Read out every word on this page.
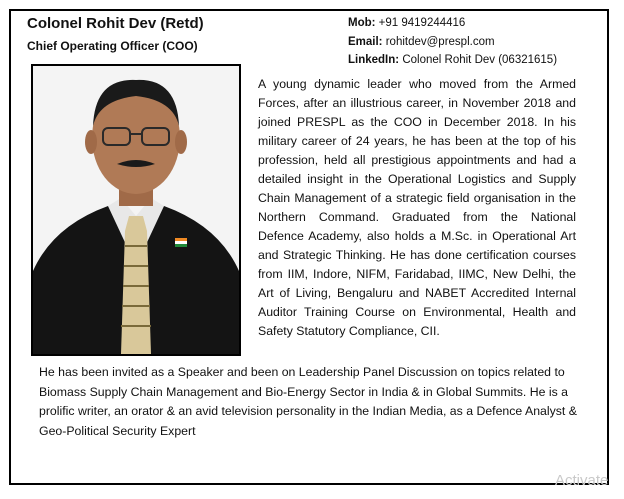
Colonel Rohit Dev (Retd)
Chief Operating Officer (COO)
Mob: +91 9419244416
Email: rohitdev@prespl.com
LinkedIn: Colonel Rohit Dev (06321615)

A young dynamic leader who moved from the Armed Forces, after an illustrious career, in November 2018 and joined PRESPL as the COO in December 2018. In his military career of 24 years, he has been at the top of his profession, held all prestigious appointments and had a detailed insight in the Operational Logistics and Supply Chain Management of a strategic field organisation in the Northern Command. Graduated from the National Defence Academy, also holds a M.Sc. in Operational Art and Strategic Thinking. He has done certification courses from IIM, Indore, NIFM, Faridabad, IIMC, New Delhi, the Art of Living, Bengaluru and NABET Accredited Internal Auditor Training Course on Environmental, Health and Safety Statutory Compliance, CII.

He has been invited as a Speaker and been on Leadership Panel Discussion on topics related to Biomass Supply Chain Management and Bio-Energy Sector in India & in Global Summits. He is a prolific writer, an orator & an avid television personality in the Indian Media, as a Defence Analyst & Geo-Political Security Expert

Activate
